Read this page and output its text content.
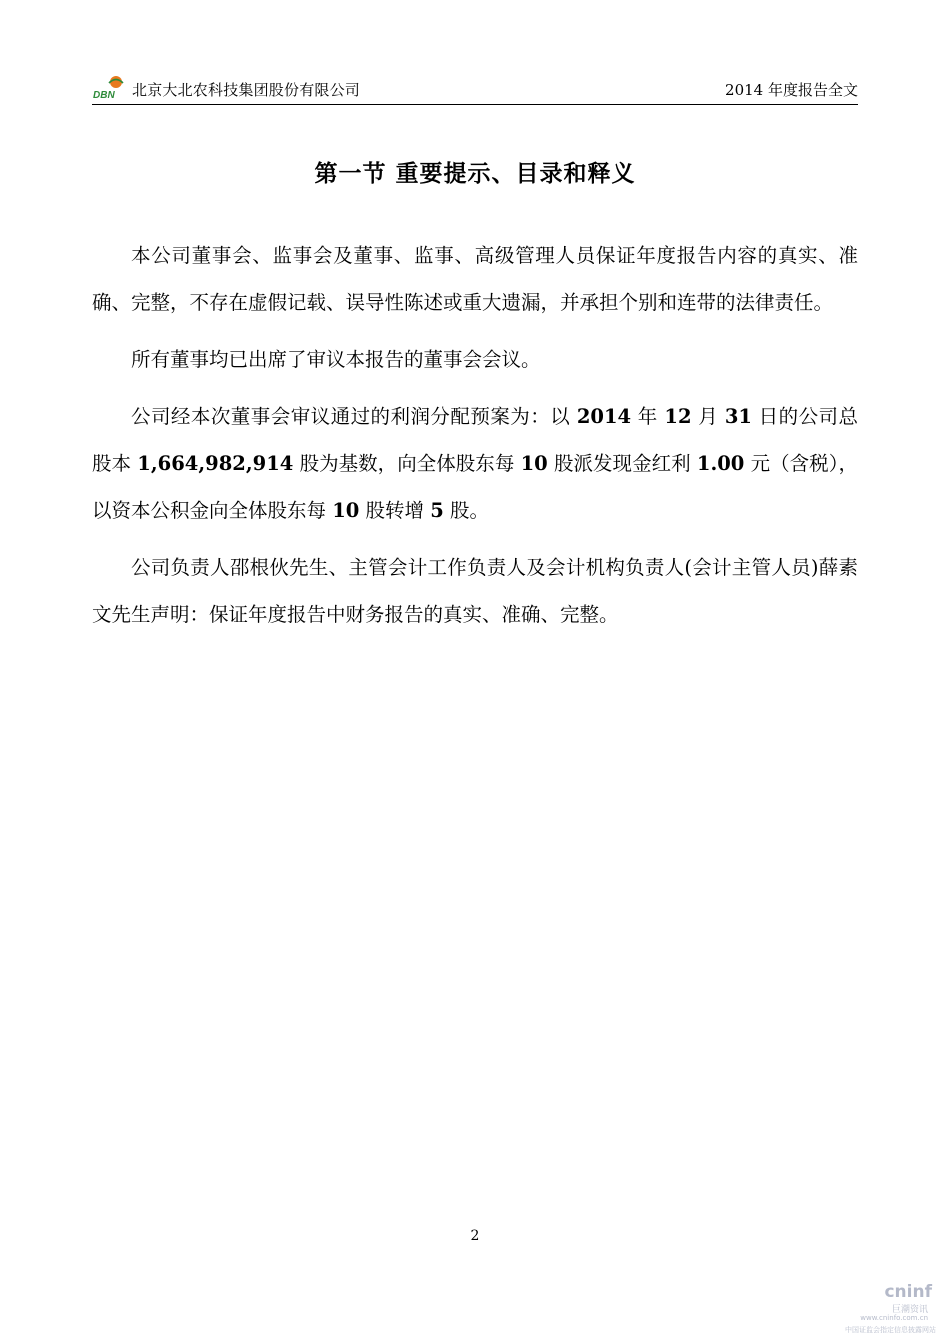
DBN 北京大北农科技集团股份有限公司	2014 年度报告全文
第一节 重要提示、目录和释义

本公司董事会、监事会及董事、监事、高级管理人员保证年度报告内容的真实、准确、完整，不存在虚假记载、误导性陈述或重大遗漏，并承担个别和连带的法律责任。

所有董事均已出席了审议本报告的董事会会议。

公司经本次董事会审议通过的利润分配预案为：以 2014 年 12 月 31 日的公司总股本 1,664,982,914 股为基数，向全体股东每 10 股派发现金红利 1.00 元（含税），以资本公积金向全体股东每 10 股转增 5 股。

公司负责人邵根伙先生、主管会计工作负责人及会计机构负责人(会计主管人员)薛素文先生声明：保证年度报告中财务报告的真实、准确、完整。

2
cninf
巨潮资讯
www.cninfo.com.cn
中国证监会指定信息披露网站
